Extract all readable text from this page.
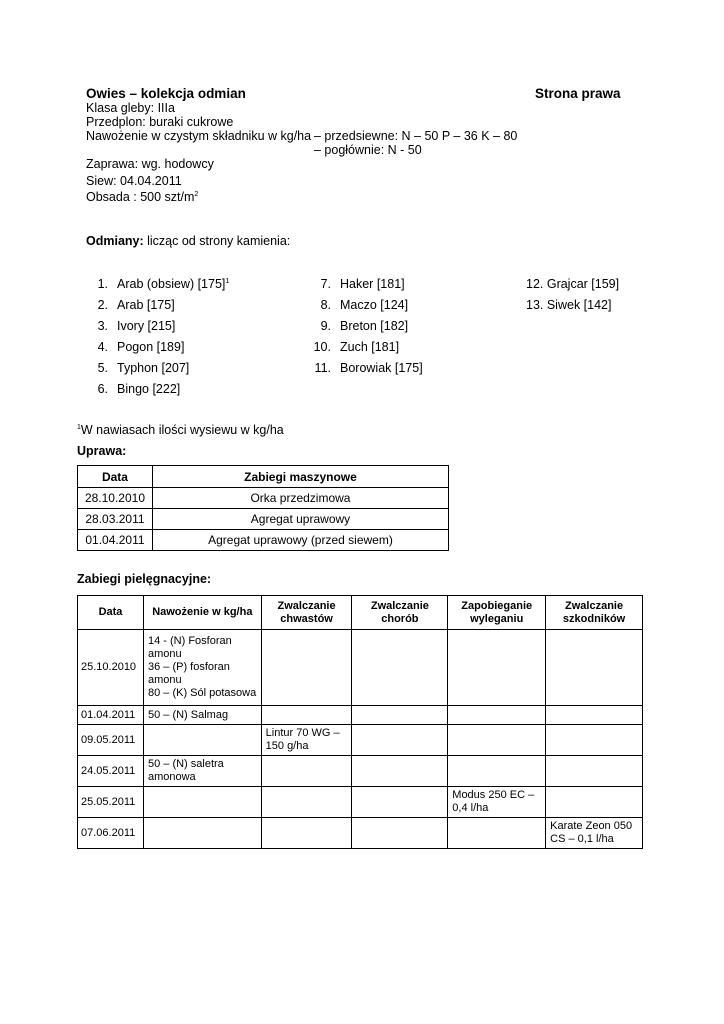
Owies – kolekcja odmian	Strona prawa
Klasa gleby: IIIa
Przedplon: buraki cukrowe
Nawożenie w czystym składniku w kg/ha – przedsiewne: N – 50 P – 36 K – 80
– pogłównie: N - 50
Zaprawa: wg. hodowcy
Siew: 04.04.2011
Obsada : 500 szt/$m^2$
Odmiany: licząc od strony kamienia:
1. Arab (obsiew) $[175]^1$
2. Arab [175]
3. Ivory [215]
4. Pogon [189]
5. Typhon [207]
6. Bingo [222]
7. Haker [181]
8. Maczo [124]
9. Breton [182]
10. Zuch [181]
11. Borowiak [175]
12. Grajcar [159]
13. Siwek [142]
$^1$W nawiasach ilości wysiewu w kg/ha
Uprawa:
Data	Zabiegi maszynowe
28.10.2010	Orka przedzimowa
28.03.2011	Agregat uprawowy
01.04.2011	Agregat uprawowy (przed siewem)
Zabiegi pielęgnacyjne:
Data	Nawożenie w kg/ha	Zwalczanie chwastów	Zwalczanie chorób	Zapobieganie wyleganiu	Zwalczanie szkodników
25.10.2010	14 - (N) Fosforan amonu
36 – (P) fosforan amonu
80 – (K) Sól potasowa				
01.04.2011	50 – (N) Salmag				
09.05.2011		Lintur 70 WG – 150 g/ha			
24.05.2011	50 – (N) saletra amonowa				
25.05.2011				Modus 250 EC – 0,4 l/ha	
07.06.2011					Karate Zeon 050 CS – 0,1 l/ha
